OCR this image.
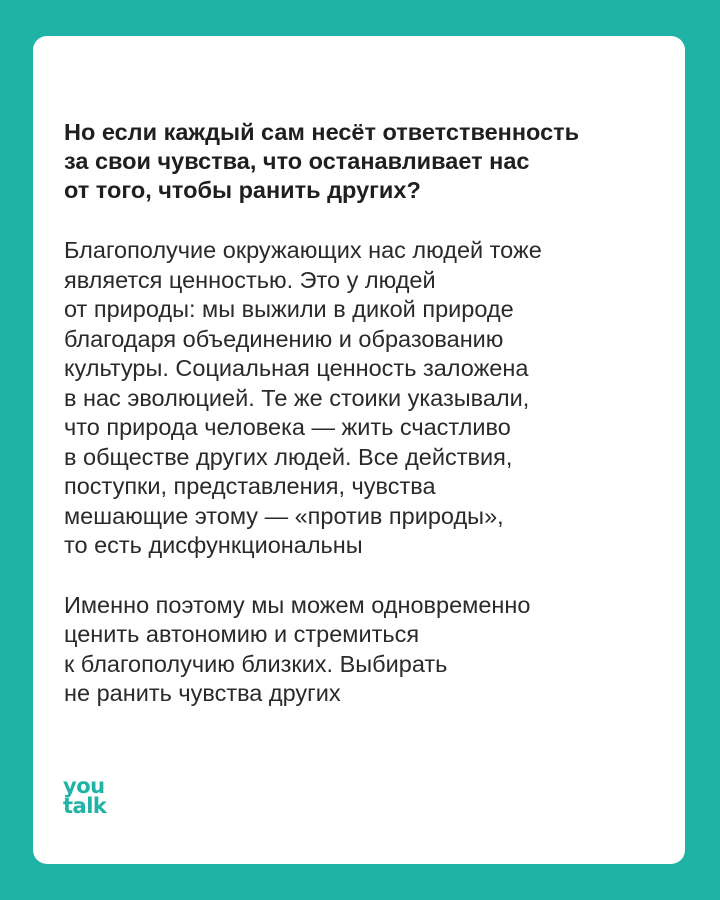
Но если каждый сам несёт ответственность
за свои чувства, что останавливает нас
от того, чтобы ранить других?

Благополучие окружающих нас людей тоже
является ценностью. Это у людей
от природы: мы выжили в дикой природе
благодаря объединению и образованию
культуры. Социальная ценность заложена
в нас эволюцией. Те же стоики указывали,
что природа человека — жить счастливо
в обществе других людей. Все действия,
поступки, представления, чувства
мешающие этому — «против природы»,
то есть дисфункциональны

Именно поэтому мы можем одновременно
ценить автономию и стремиться
к благополучию близких. Выбирать
не ранить чувства других

you
talk
